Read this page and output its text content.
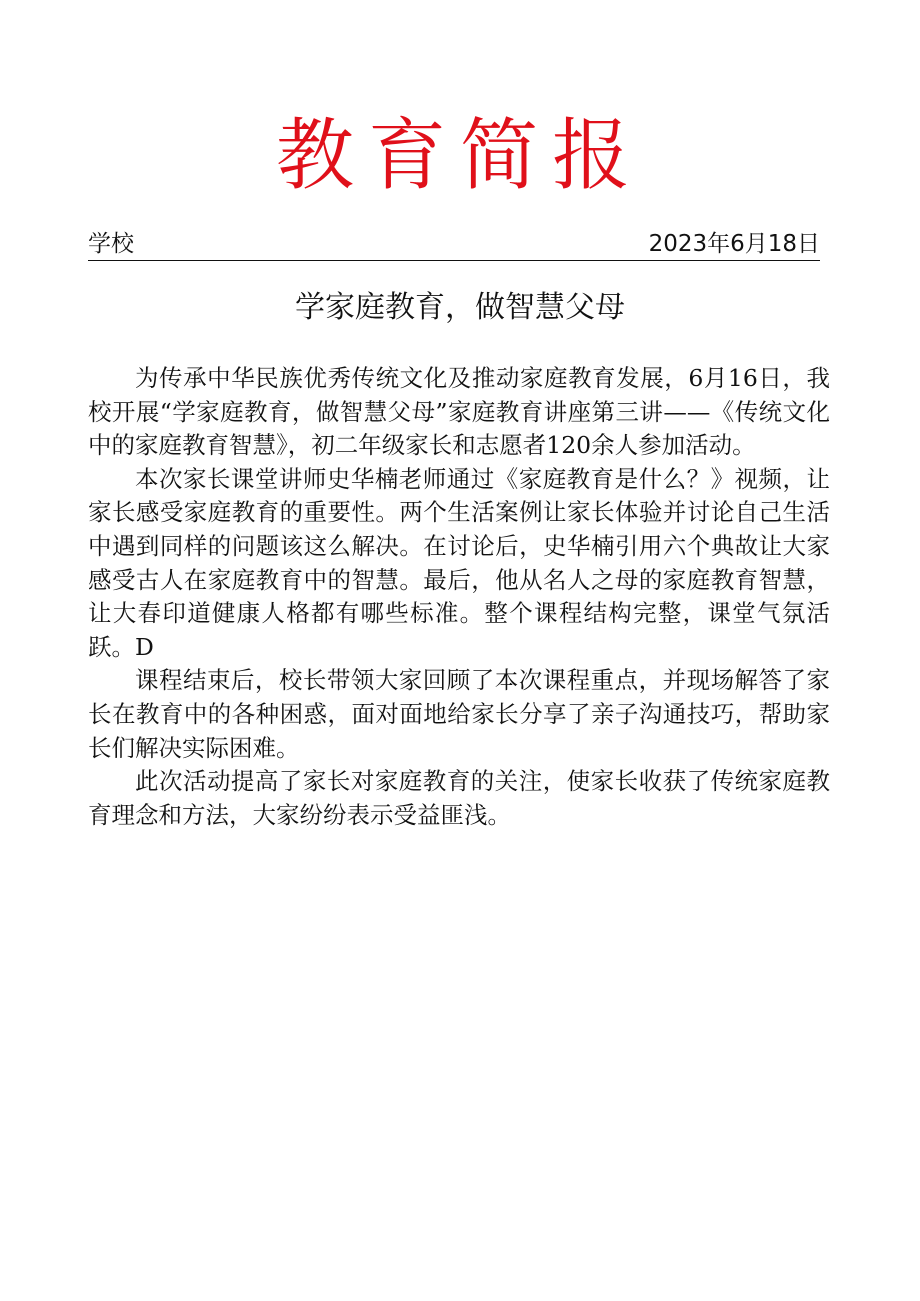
教育简报
学校	2023年6月18日
学家庭教育，做智慧父母

为传承中华民族优秀传统文化及推动家庭教育发展，6月16日，我校开展“学家庭教育，做智慧父母”家庭教育讲座第三讲——《传统文化中的家庭教育智慧》，初二年级家长和志愿者120余人参加活动。

本次家长课堂讲师史华楠老师通过《家庭教育是什么？》视频，让家长感受家庭教育的重要性。两个生活案例让家长体验并讨论自己生活中遇到同样的问题该这么解决。在讨论后，史华楠引用六个典故让大家感受古人在家庭教育中的智慧。最后，他从名人之母的家庭教育智慧，让大春印道健康人格都有哪些标准。整个课程结构完整，课堂气氛活跃。D

课程结束后，校长带领大家回顾了本次课程重点，并现场解答了家长在教育中的各种困惑，面对面地给家长分享了亲子沟通技巧，帮助家长们解决实际困难。

此次活动提高了家长对家庭教育的关注，使家长收获了传统家庭教育理念和方法，大家纷纷表示受益匪浅。
